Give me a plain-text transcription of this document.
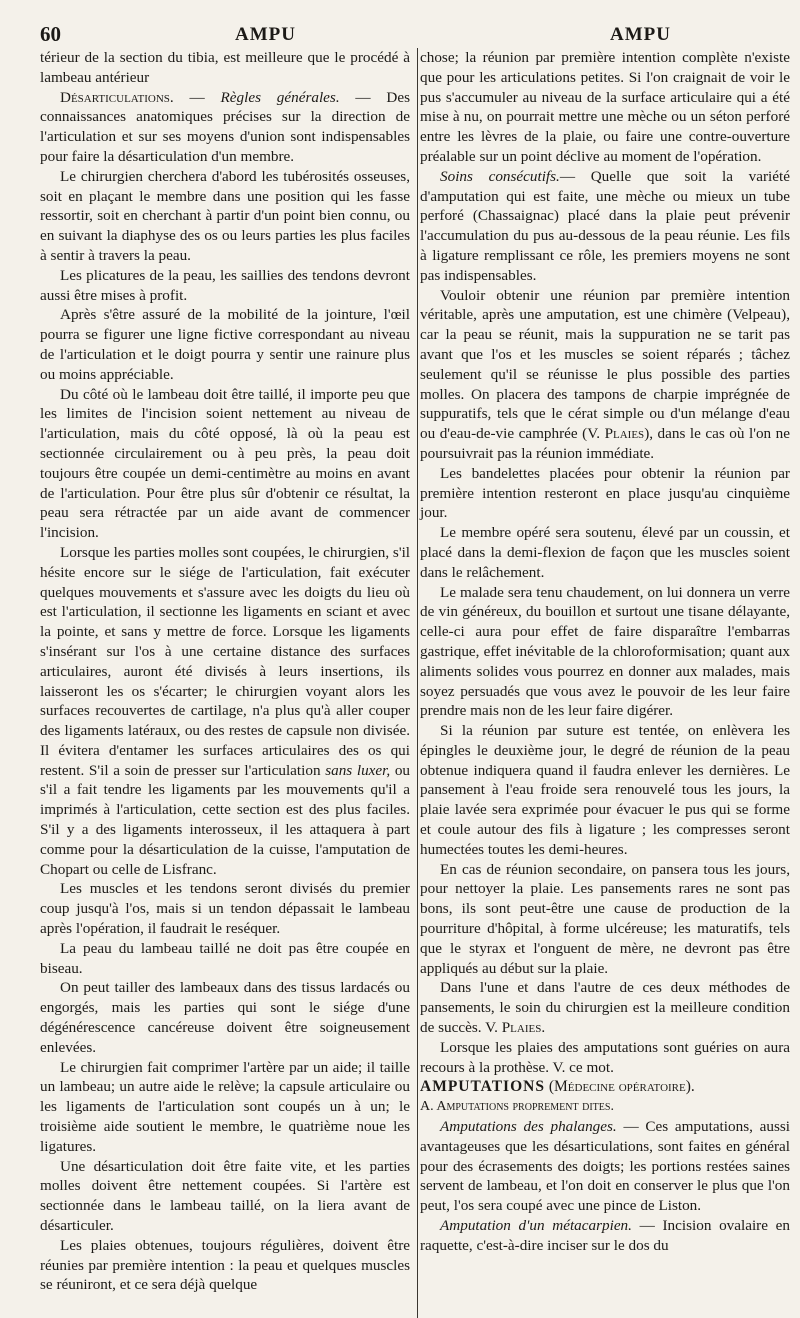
60	AMPU	AMPU

térieur de la section du tibia, est meilleure que le procédé à lambeau antérieur

Désarticulations. — Règles générales. — Des connaissances anatomiques précises sur la direction de l'articulation et sur ses moyens d'union sont indispensables pour faire la désarticulation d'un membre.

Le chirurgien cherchera d'abord les tubérosités osseuses, soit en plaçant le membre dans une position qui les fasse ressortir, soit en cherchant à partir d'un point bien connu, ou en suivant la diaphyse des os ou leurs parties les plus faciles à sentir à travers la peau.

Les plicatures de la peau, les saillies des tendons devront aussi être mises à profit.

Après s'être assuré de la mobilité de la jointure, l'œil pourra se figurer une ligne fictive correspondant au niveau de l'articulation et le doigt pourra y sentir une rainure plus ou moins appréciable.

Du côté où le lambeau doit être taillé, il importe peu que les limites de l'incision soient nettement au niveau de l'articulation, mais du côté opposé, là où la peau est sectionnée circulairement ou à peu près, la peau doit toujours être coupée un demi-centimètre au moins en avant de l'articulation. Pour être plus sûr d'obtenir ce résultat, la peau sera rétractée par un aide avant de commencer l'incision.

Lorsque les parties molles sont coupées, le chirurgien, s'il hésite encore sur le siége de l'articulation, fait exécuter quelques mouvements et s'assure avec les doigts du lieu où est l'articulation, il sectionne les ligaments en sciant et avec la pointe, et sans y mettre de force. Lorsque les ligaments s'insérant sur l'os à une certaine distance des surfaces articulaires, auront été divisés à leurs insertions, ils laisseront les os s'écarter; le chirurgien voyant alors les surfaces recouvertes de cartilage, n'a plus qu'à aller couper des ligaments latéraux, ou des restes de capsule non divisée. Il évitera d'entamer les surfaces articulaires des os qui restent. S'il a soin de presser sur l'articulation sans luxer, ou s'il a fait tendre les ligaments par les mouvements qu'il a imprimés à l'articulation, cette section est des plus faciles. S'il y a des ligaments interosseux, il les attaquera à part comme pour la désarticulation de la cuisse, l'amputation de Chopart ou celle de Lisfranc.

Les muscles et les tendons seront divisés du premier coup jusqu'à l'os, mais si un tendon dépassait le lambeau après l'opération, il faudrait le reséquer.

La peau du lambeau taillé ne doit pas être coupée en biseau.

On peut tailler des lambeaux dans des tissus lardacés ou engorgés, mais les parties qui sont le siége d'une dégénérescence cancéreuse doivent être soigneusement enlevées.

Le chirurgien fait comprimer l'artère par un aide; il taille un lambeau; un autre aide le relève; la capsule articulaire ou les ligaments de l'articulation sont coupés un à un; le troisième aide soutient le membre, le quatrième noue les ligatures.

Une désarticulation doit être faite vite, et les parties molles doivent être nettement coupées. Si l'artère est sectionnée dans le lambeau taillé, on la liera avant de désarticuler.

Les plaies obtenues, toujours régulières, doivent être réunies par première intention : la peau et quelques muscles se réuniront, et ce sera déjà quelque

chose; la réunion par première intention complète n'existe que pour les articulations petites. Si l'on craignait de voir le pus s'accumuler au niveau de la surface articulaire qui a été mise à nu, on pourrait mettre une mèche ou un séton perforé entre les lèvres de la plaie, ou faire une contre-ouverture préalable sur un point déclive au moment de l'opération.

Soins consécutifs.— Quelle que soit la variété d'amputation qui est faite, une mèche ou mieux un tube perforé (Chassaignac) placé dans la plaie peut prévenir l'accumulation du pus au-dessous de la peau réunie. Les fils à ligature remplissant ce rôle, les premiers moyens ne sont pas indispensables.

Vouloir obtenir une réunion par première intention véritable, après une amputation, est une chimère (Velpeau), car la peau se réunit, mais la suppuration ne se tarit pas avant que l'os et les muscles se soient réparés ; tâchez seulement qu'il se réunisse le plus possible des parties molles. On placera des tampons de charpie imprégnée de suppuratifs, tels que le cérat simple ou d'un mélange d'eau ou d'eau-de-vie camphrée (V. Plaies), dans le cas où l'on ne poursuivrait pas la réunion immédiate.

Les bandelettes placées pour obtenir la réunion par première intention resteront en place jusqu'au cinquième jour.

Le membre opéré sera soutenu, élevé par un coussin, et placé dans la demi-flexion de façon que les muscles soient dans le relâchement.

Le malade sera tenu chaudement, on lui donnera un verre de vin généreux, du bouillon et surtout une tisane délayante, celle-ci aura pour effet de faire disparaître l'embarras gastrique, effet inévitable de la chloroformisation; quant aux aliments solides vous pourrez en donner aux malades, mais soyez persuadés que vous avez le pouvoir de les leur faire prendre mais non de les leur faire digérer.

Si la réunion par suture est tentée, on enlèvera les épingles le deuxième jour, le degré de réunion de la peau obtenue indiquera quand il faudra enlever les dernières. Le pansement à l'eau froide sera renouvelé tous les jours, la plaie lavée sera exprimée pour évacuer le pus qui se forme et coule autour des fils à ligature ; les compresses seront humectées toutes les demi-heures.

En cas de réunion secondaire, on pansera tous les jours, pour nettoyer la plaie. Les pansements rares ne sont pas bons, ils sont peut-être une cause de production de la pourriture d'hôpital, à forme ulcéreuse; les maturatifs, tels que le styrax et l'onguent de mère, ne devront pas être appliqués au début sur la plaie.

Dans l'une et dans l'autre de ces deux méthodes de pansements, le soin du chirurgien est la meilleure condition de succès. V. Plaies.

Lorsque les plaies des amputations sont guéries on aura recours à la prothèse. V. ce mot.

AMPUTATIONS (Médecine opératoire).

A. Amputations proprement dites.

Amputations des phalanges. — Ces amputations, aussi avantageuses que les désarticulations, sont faites en général pour des écrasements des doigts; les portions restées saines servent de lambeau, et l'on doit en conserver le plus que l'on peut, l'os sera coupé avec une pince de Liston.

Amputation d'un métacarpien. — Incision ovalaire en raquette, c'est-à-dire inciser sur le dos du
